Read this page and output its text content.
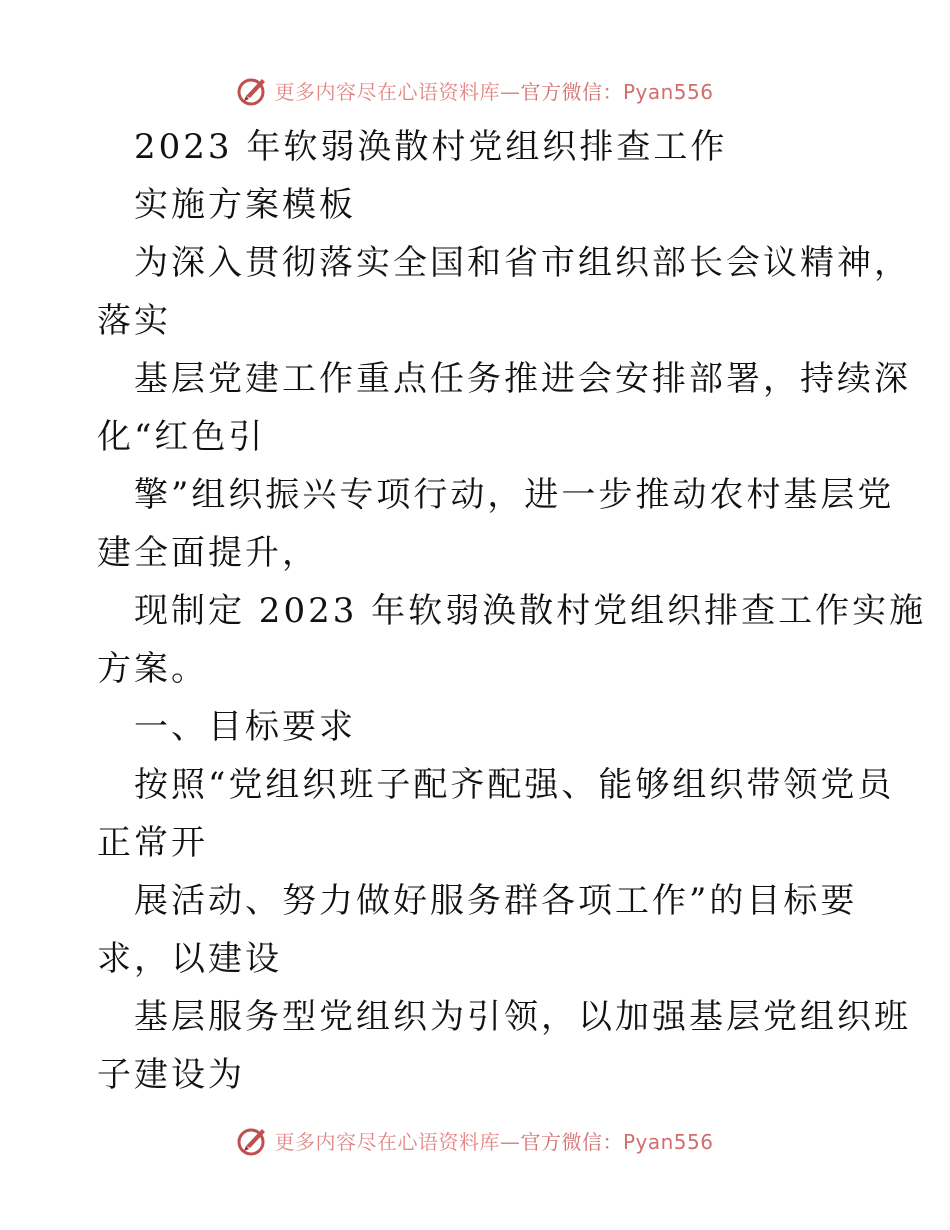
更多内容尽在心语资料库—官方微信：Pyan556
2023 年软弱涣散村党组织排查工作
实施方案模板
为深入贯彻落实全国和省市组织部长会议精神，
落实
基层党建工作重点任务推进会安排部署，持续深
化“红色引
擎”组织振兴专项行动，进一步推动农村基层党
建全面提升，
现制定 2023 年软弱涣散村党组织排查工作实施
方案。
一、目标要求
按照“党组织班子配齐配强、能够组织带领党员
正常开
展活动、努力做好服务群各项工作”的目标要
求，以建设
基层服务型党组织为引领，以加强基层党组织班
子建设为
更多内容尽在心语资料库—官方微信：Pyan556
